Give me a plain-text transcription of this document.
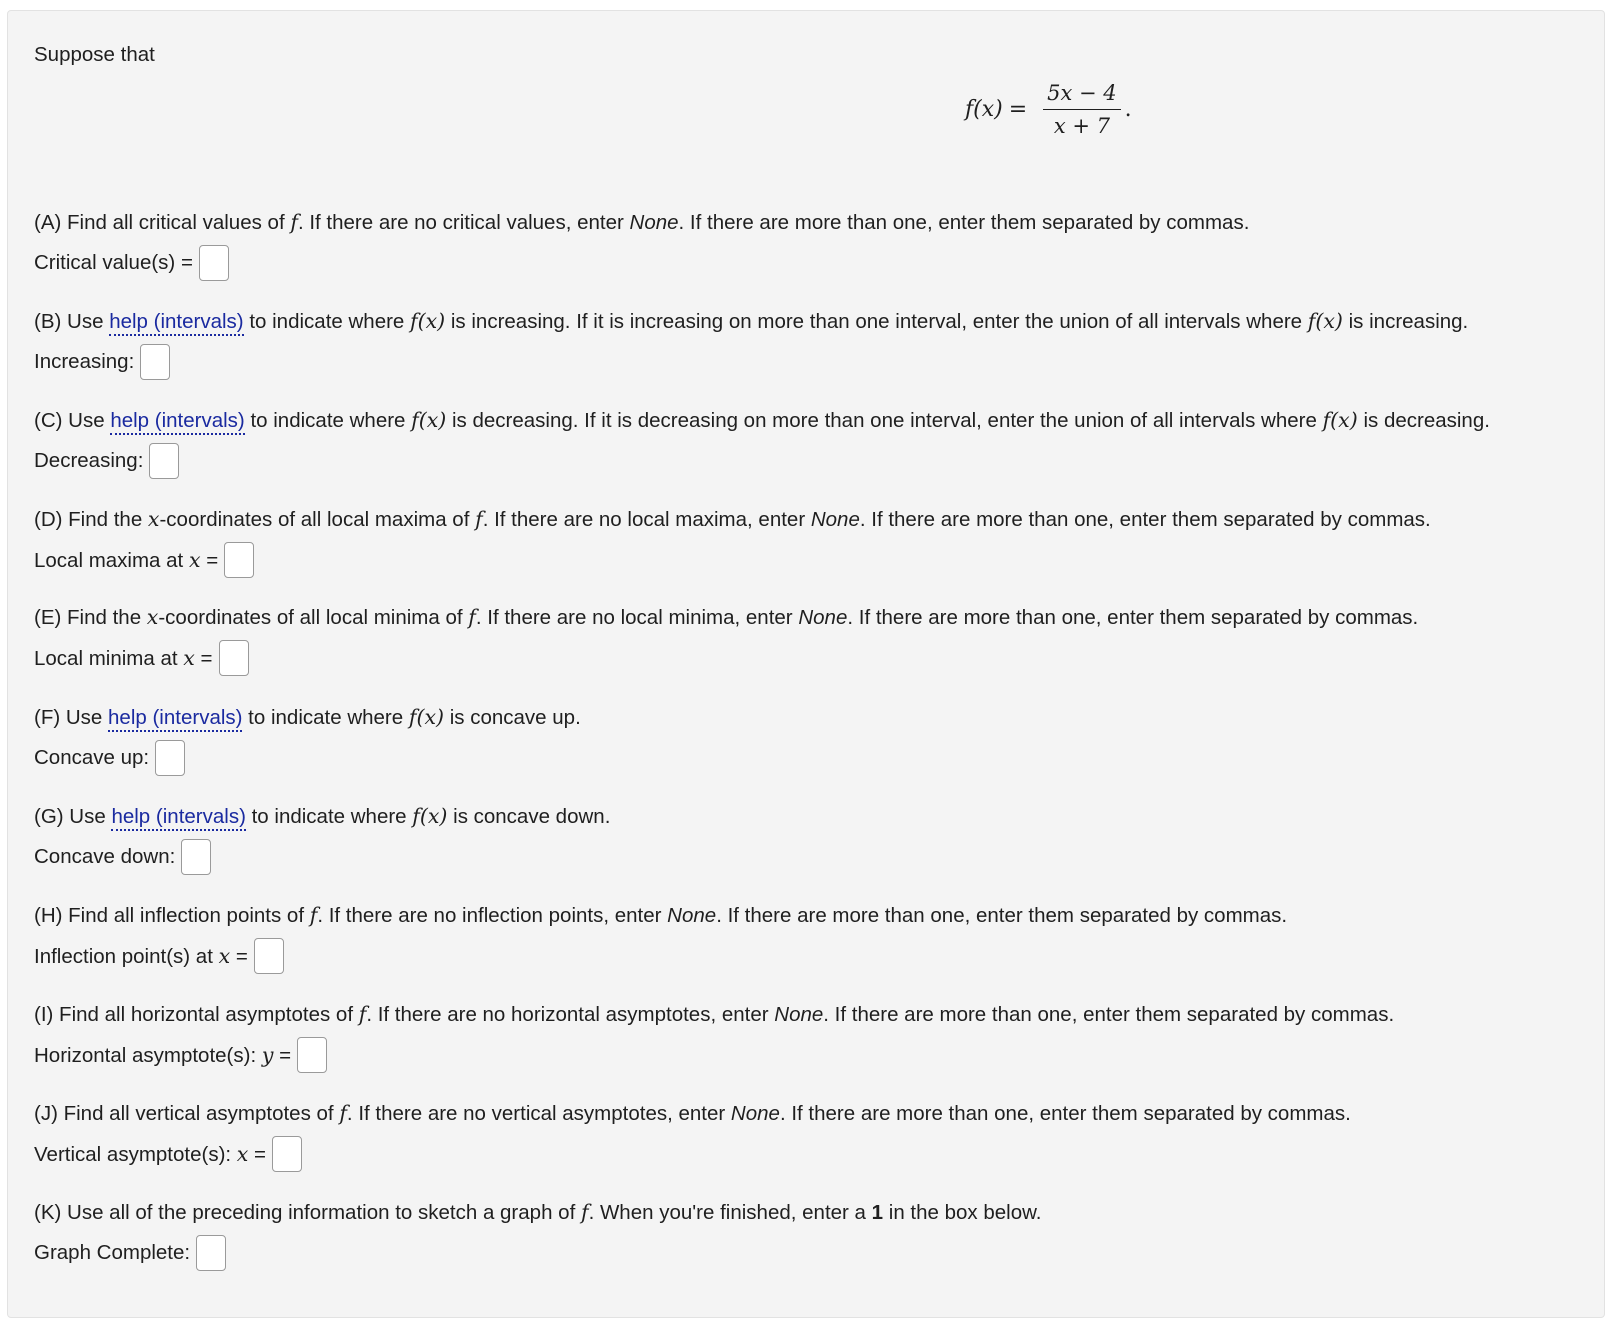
Suppose that
$f(x) = \frac{5x - 4}{x + 7}$ .
(A) Find all critical values of f. If there are no critical values, enter None. If there are more than one, enter them separated by commas.
Critical value(s) =
(B) Use help (intervals) to indicate where f(x) is increasing. If it is increasing on more than one interval, enter the union of all intervals where f(x) is increasing.
Increasing:
(C) Use help (intervals) to indicate where f(x) is decreasing. If it is decreasing on more than one interval, enter the union of all intervals where f(x) is decreasing.
Decreasing:
(D) Find the x-coordinates of all local maxima of f. If there are no local maxima, enter None. If there are more than one, enter them separated by commas.
Local maxima at x =
(E) Find the x-coordinates of all local minima of f. If there are no local minima, enter None. If there are more than one, enter them separated by commas.
Local minima at x =
(F) Use help (intervals) to indicate where f(x) is concave up.
Concave up:
(G) Use help (intervals) to indicate where f(x) is concave down.
Concave down:
(H) Find all inflection points of f. If there are no inflection points, enter None. If there are more than one, enter them separated by commas.
Inflection point(s) at x =
(I) Find all horizontal asymptotes of f. If there are no horizontal asymptotes, enter None. If there are more than one, enter them separated by commas.
Horizontal asymptote(s): y =
(J) Find all vertical asymptotes of f. If there are no vertical asymptotes, enter None. If there are more than one, enter them separated by commas.
Vertical asymptote(s): x =
(K) Use all of the preceding information to sketch a graph of f. When you're finished, enter a 1 in the box below.
Graph Complete:
